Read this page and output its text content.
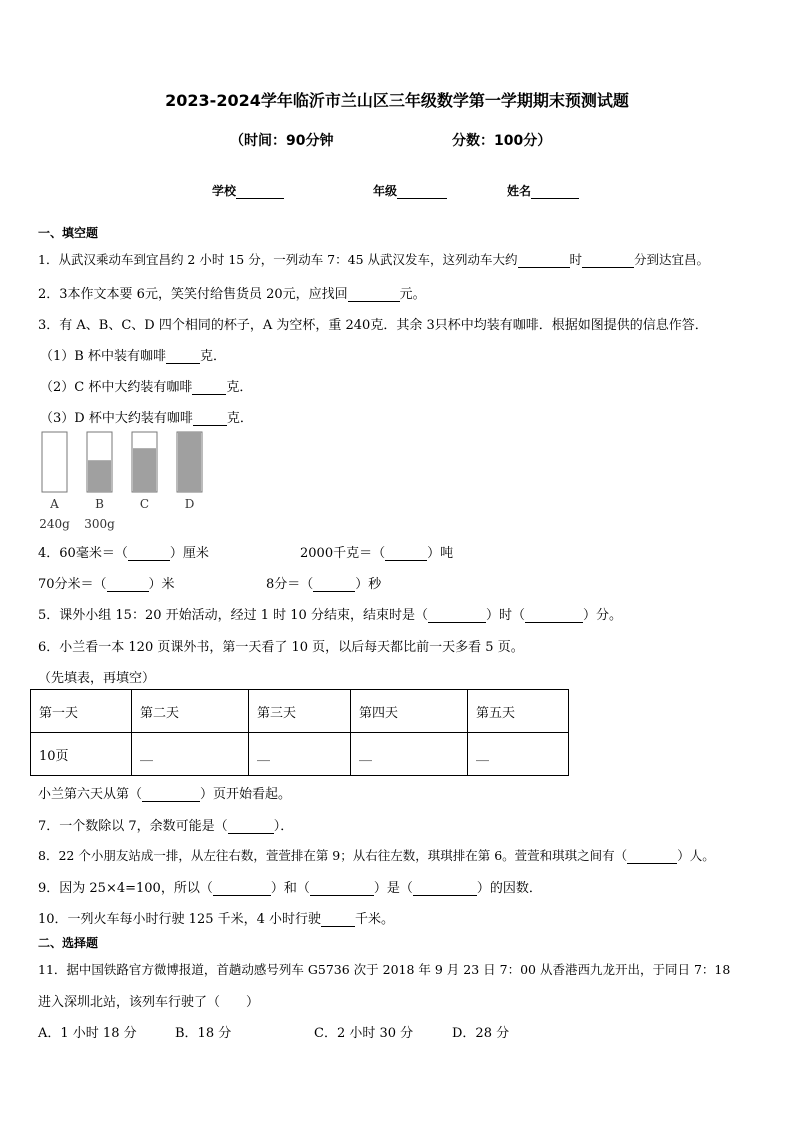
2023-2024学年临沂市兰山区三年级数学第一学期期末预测试题
（时间：90分钟	分数：100分）
学校	年级	姓名
一、填空题
1．从武汉乘动车到宜昌约 2 小时 15 分，一列动车 7：45 从武汉发车，这列动车大约	时	分到达宜昌。
2．3本作文本要 6元，笑笑付给售货员 20元，应找回	元。
3．有 A、B、C、D 四个相同的杯子，A 为空杯，重 240克．其余 3只杯中均装有咖啡．根据如图提供的信息作答．
（1）B 杯中装有咖啡	克．
（2）C 杯中大约装有咖啡	克．
（3）D 杯中大约装有咖啡	克．
A	B	C	D
240g 300g
4．60毫米＝（	）厘米	2000千克＝（	）吨
70分米＝（	）米	8分＝（	）秒
5．课外小组 15：20 开始活动，经过 1 时 10 分结束，结束时是（	）时（	）分。
6．小兰看一本 120 页课外书，第一天看了 10 页，以后每天都比前一天多看 5 页。
（先填表，再填空）
第一天	第二天	第三天	第四天	第五天
10页	__	__	__	__
小兰第六天从第（	）页开始看起。
7．一个数除以 7，余数可能是（	）．
8．22 个小朋友站成一排，从左往右数，萱萱排在第 9；从右往左数，琪琪排在第 6。萱萱和琪琪之间有（	）人。
9．因为 25×4=100，所以（	）和（	）是（	）的因数．
10．一列火车每小时行驶 125 千米，4 小时行驶	千米。
二、选择题
11．据中国铁路官方微博报道，首趟动感号列车 G5736 次于 2018 年 9 月 23 日 7：00 从香港西九龙开出，于同日 7：18
进入深圳北站，该列车行驶了（　　）
A．1 小时 18 分	B．18 分	C．2 小时 30 分	D．28 分
